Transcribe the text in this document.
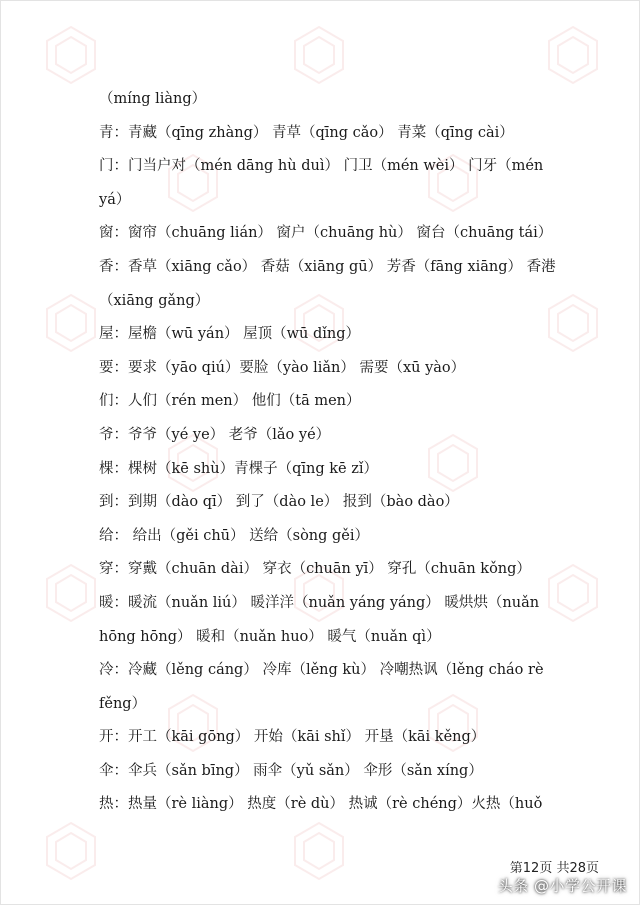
（míng liàng）
青：青藏（qīng zhàng） 青草（qīng cǎo） 青菜（qīng cài）
门：门当户对（mén dāng hù duì） 门卫（mén wèi） 门牙（mén
yá）
窗：窗帘（chuāng lián） 窗户（chuāng hù） 窗台（chuāng tái）
香：香草（xiāng cǎo） 香菇（xiāng gū） 芳香（fāng xiāng） 香港
（xiāng gǎng）
屋：屋檐（wū yán） 屋顶（wū dǐng）
要：要求（yāo qiú）要脸（yào liǎn） 需要（xū yào）
们：人们（rén men） 他们（tā men）
爷：爷爷（yé ye） 老爷（lǎo yé）
棵：棵树（kē shù）青棵子（qīng kē zǐ）
到：到期（dào qī） 到了（dào le） 报到（bào dào）
给： 给出（gěi chū） 送给（sòng gěi）
穿：穿戴（chuān dài） 穿衣（chuān yī） 穿孔（chuān kǒng）
暖：暖流（nuǎn liú） 暖洋洋（nuǎn yáng yáng） 暖烘烘（nuǎn
hōng hōng） 暖和（nuǎn huo） 暖气（nuǎn qì）
冷：冷藏（lěng cáng） 冷库（lěng kù） 冷嘲热讽（lěng cháo rè
fěng）
开：开工（kāi gōng） 开始（kāi shǐ） 开垦（kāi kěng）
伞：伞兵（sǎn bīng） 雨伞（yǔ sǎn） 伞形（sǎn xíng）
热：热量（rè liàng） 热度（rè dù） 热诚（rè chéng）火热（huǒ
第12页 共28页
头条 @小学公开课
